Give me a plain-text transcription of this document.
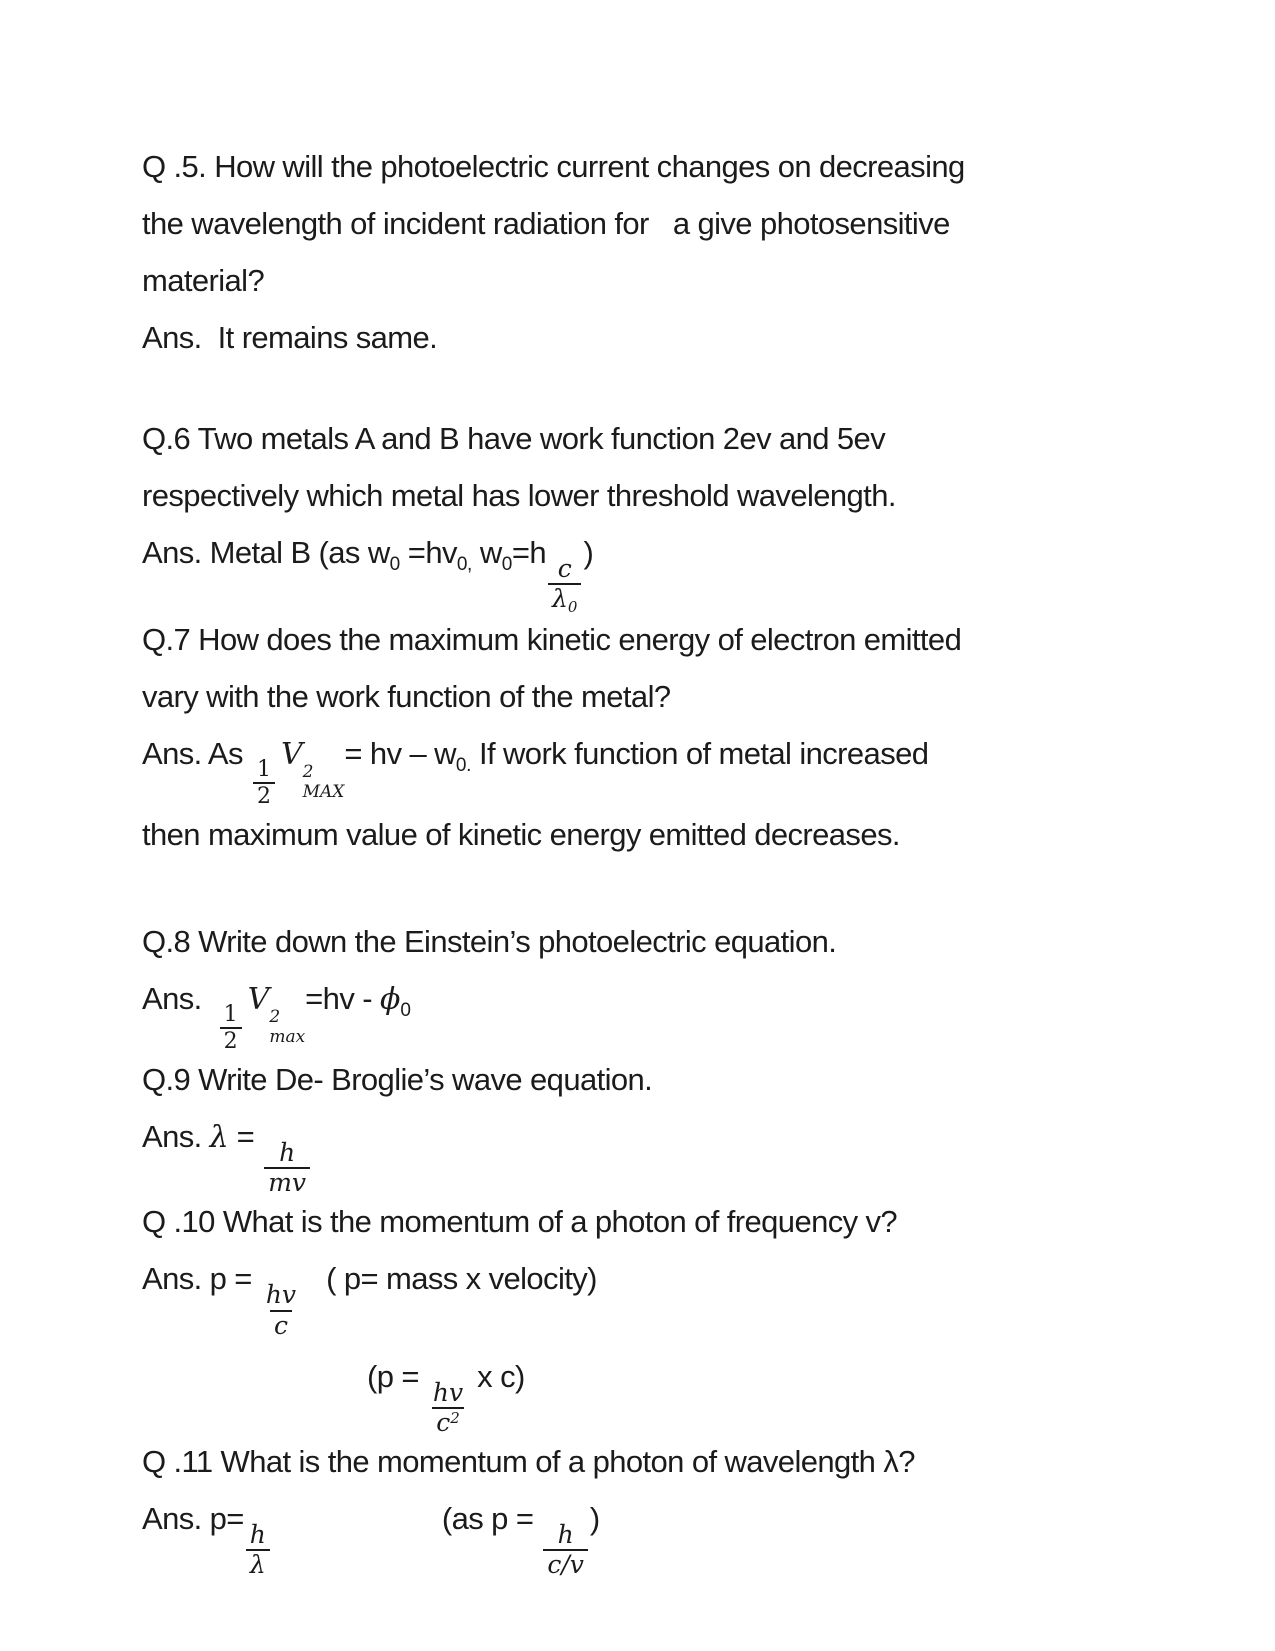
Q .5. How will the photoelectric current changes on decreasing

the wavelength of incident radiation for   a give photosensitive

material?

Ans.  It remains same.

Q.6 Two metals A and B have work function 2ev and 5ev

respectively which metal has lower threshold wavelength.

Ans. Metal B (as $w_0 =hv_{0,}$ $w_0=h$
$\frac{c}{\lambda_0}$
)

Q.7 How does the maximum kinetic energy of electron emitted

vary with the work function of the metal?

Ans. As
$\frac{1}{2}$
V 2
MAX
= hv – $w_{0.}$ If work function of metal increased

then maximum value of kinetic energy emitted decreases.

Q.8 Write down the Einstein’s photoelectric equation.

Ans.
$\frac{1}{2}$
V 2
max
$=hv - \phi_0$

Q.9 Write De- Broglie’s wave equation.

Ans. λ =
$\frac{h}{mv}$

Q .10 What is the momentum of a photon of frequency v?

Ans. p =
$\frac{hv}{c}$
( p= mass x velocity)

(p =
$\frac{hv}{c^2}$
x c)

Q .11 What is the momentum of a photon of wavelength λ?

Ans. p=
$\frac{h}{\lambda}$
(as p =
$\frac{h}{c/v}$
)
